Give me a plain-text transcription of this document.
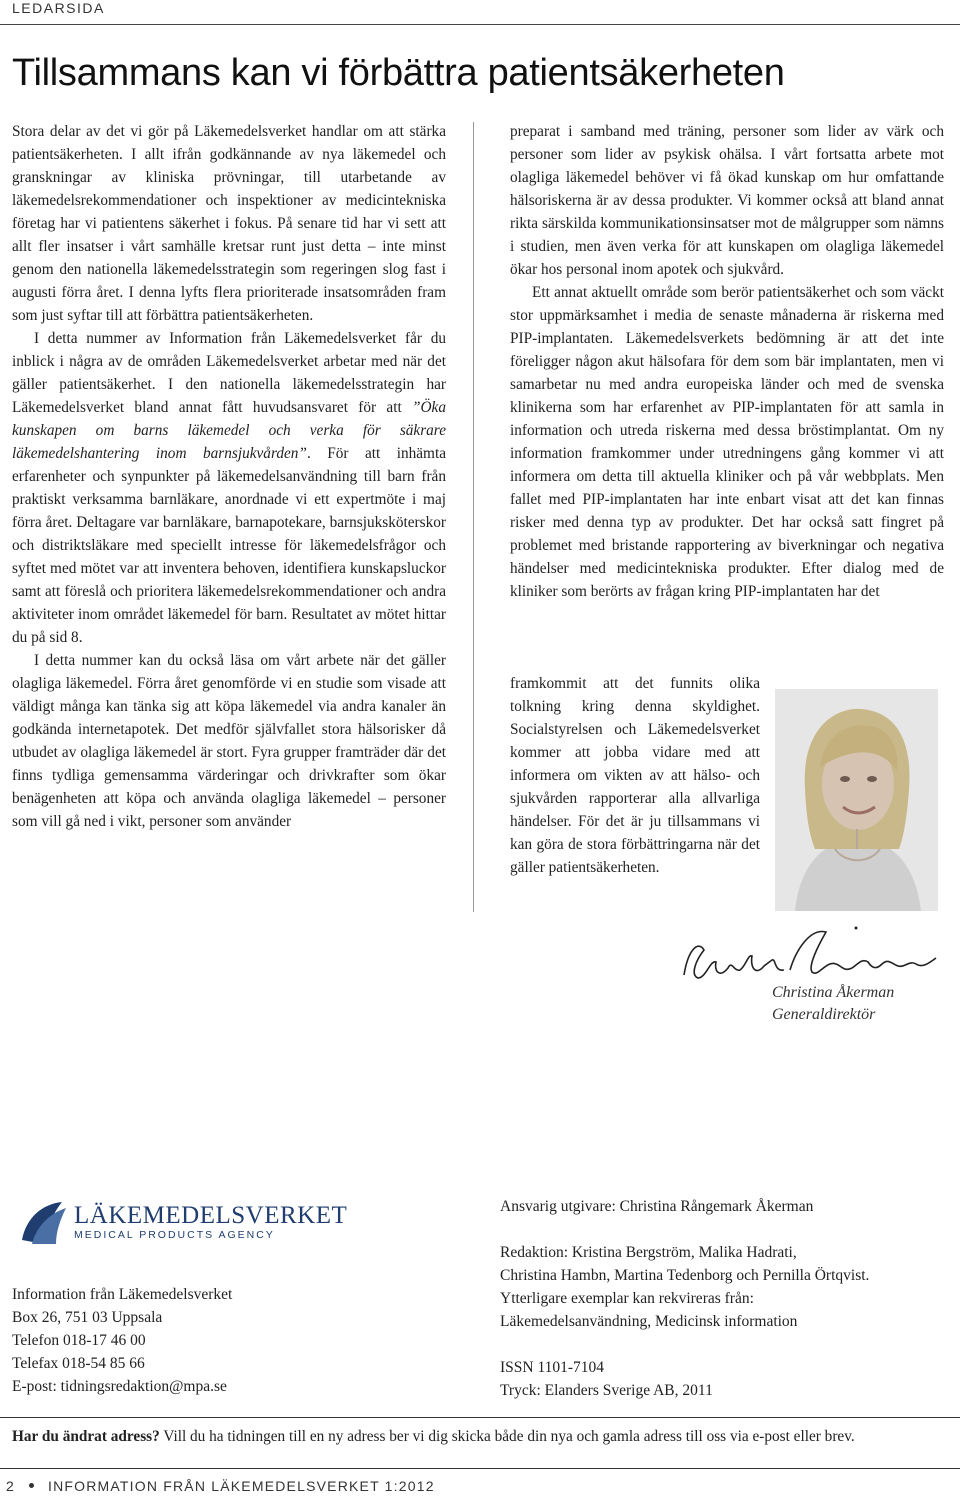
LEDARSIDA
Tillsammans kan vi förbättra patientsäkerheten

Stora delar av det vi gör på Läkemedelsverket handlar om att stärka patientsäkerheten. I allt ifrån godkännande av nya läkemedel och granskningar av kliniska prövningar, till utarbetande av läkemedelsrekommendationer och inspektioner av medicintekniska företag har vi patientens säkerhet i fokus. På senare tid har vi sett att allt fler insatser i vårt samhälle kretsar runt just detta – inte minst genom den nationella läkemedelsstrategin som regeringen slog fast i augusti förra året. I denna lyfts flera prioriterade insatsområden fram som just syftar till att förbättra patientsäkerheten.

I detta nummer av Information från Läkemedelsverket får du inblick i några av de områden Läkemedelsverket arbetar med när det gäller patientsäkerhet. I den nationella läkemedelsstrategin har Läkemedelsverket bland annat fått huvudsansvaret för att ”Öka kunskapen om barns läkemedel och verka för säkrare läkemedelshantering inom barnsjukvården”. För att inhämta erfarenheter och synpunkter på läkemedelsanvändning till barn från praktiskt verksamma barnläkare, anordnade vi ett expertmöte i maj förra året. Deltagare var barnläkare, barnapotekare, barnsjuksköterskor och distriktsläkare med speciellt intresse för läkemedelsfrågor och syftet med mötet var att inventera behoven, identifiera kunskapsluckor samt att föreslå och prioritera läkemedelsrekommendationer och andra aktiviteter inom området läkemedel för barn. Resultatet av mötet hittar du på sid 8.

I detta nummer kan du också läsa om vårt arbete när det gäller olagliga läkemedel. Förra året genomförde vi en studie som visade att väldigt många kan tänka sig att köpa läkemedel via andra kanaler än godkända internetapotek. Det medför självfallet stora hälsorisker då utbudet av olagliga läkemedel är stort. Fyra grupper framträder där det finns tydliga gemensamma värderingar och drivkrafter som ökar benägenheten att köpa och använda olagliga läkemedel – personer som vill gå ned i vikt, personer som använder

preparat i samband med träning, personer som lider av värk och personer som lider av psykisk ohälsa. I vårt fortsatta arbete mot olagliga läkemedel behöver vi få ökad kunskap om hur omfattande hälsoriskerna är av dessa produkter. Vi kommer också att bland annat rikta särskilda kommunikationsinsatser mot de målgrupper som nämns i studien, men även verka för att kunskapen om olagliga läkemedel ökar hos personal inom apotek och sjukvård.

Ett annat aktuellt område som berör patientsäkerhet och som väckt stor uppmärksamhet i media de senaste månaderna är riskerna med PIP-implantaten. Läkemedelsverkets bedömning är att det inte föreligger någon akut hälsofara för dem som bär implantaten, men vi samarbetar nu med andra europeiska länder och med de svenska klinikerna som har erfarenhet av PIP-implantaten för att samla in information och utreda riskerna med dessa bröstimplantat. Om ny information framkommer under utredningens gång kommer vi att informera om detta till aktuella kliniker och på vår webbplats. Men fallet med PIP-implantaten har inte enbart visat att det kan finnas risker med denna typ av produkter. Det har också satt fingret på problemet med bristande rapportering av biverkningar och negativa händelser med medicintekniska produkter. Efter dialog med de kliniker som berörts av frågan kring PIP-implantaten har det

framkommit att det funnits olika tolkning kring denna skyldighet. Socialstyrelsen och Läkemedelsverket kommer att jobba vidare med att informera om vikten av att hälso- och sjukvården rapporterar alla allvarliga händelser. För det är ju tillsammans vi kan göra de stora förbättringarna när det gäller patientsäkerheten.
Christina Åkerman
Generaldirektör
LÄKEMEDELSVERKET
MEDICAL PRODUCTS AGENCY
Information från Läkemedelsverket
Box 26, 751 03 Uppsala
Telefon 018-17 46 00
Telefax 018-54 85 66
E-post: tidningsredaktion@mpa.se
Ansvarig utgivare: Christina Rångemark Åkerman
Redaktion: Kristina Bergström, Malika Hadrati,
Christina Hambn, Martina Tedenborg och Pernilla Örtqvist.
Ytterligare exemplar kan rekvireras från:
Läkemedelsanvändning, Medicinsk information
ISSN 1101-7104
Tryck: Elanders Sverige AB, 2011
Har du ändrat adress? Vill du ha tidningen till en ny adress ber vi dig skicka både din nya och gamla adress till oss via e-post eller brev.
2 INFORMATION FRÅN LÄKEMEDELSVERKET 1:2012
